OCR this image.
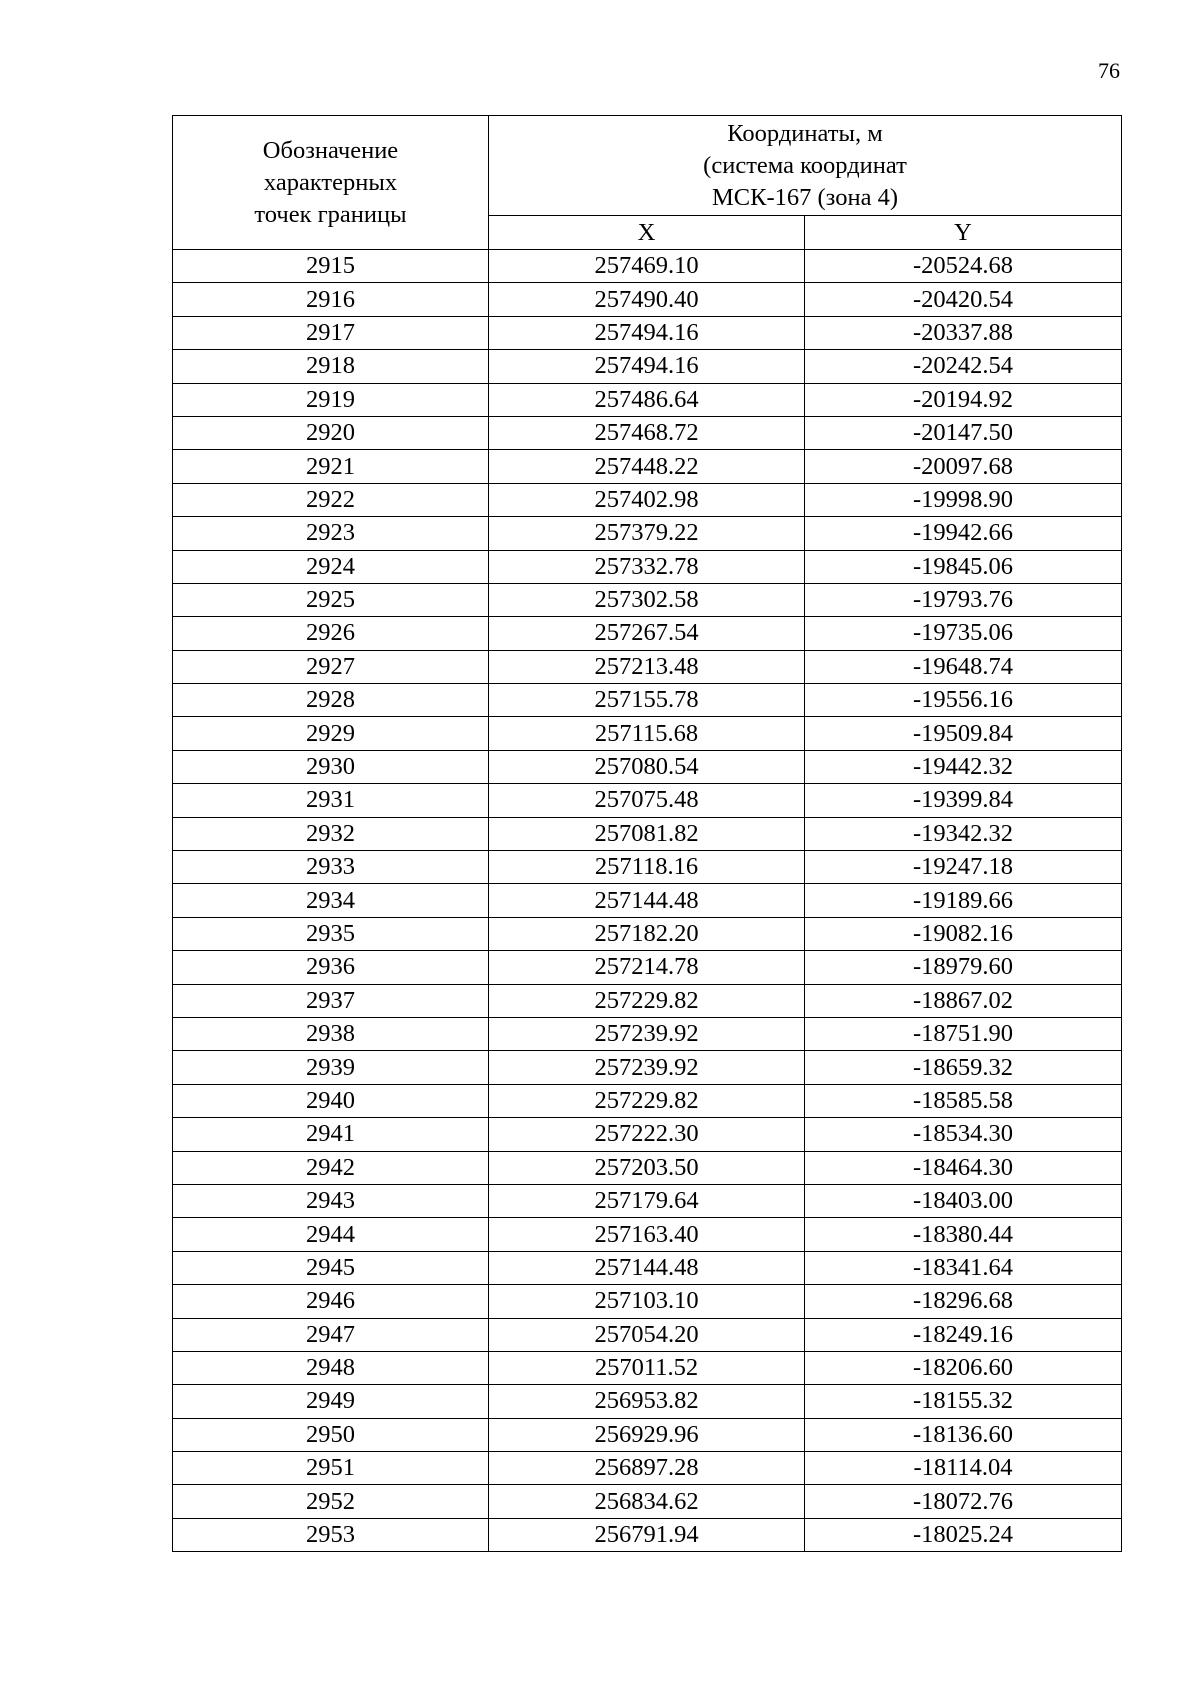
76
Обозначение
характерных
точек границы	Координаты, м
(система координат
МСК-167 (зона 4)	

	X	Y
2915	257469.10	-20524.68
2916	257490.40	-20420.54
2917	257494.16	-20337.88
2918	257494.16	-20242.54
2919	257486.64	-20194.92
2920	257468.72	-20147.50
2921	257448.22	-20097.68
2922	257402.98	-19998.90
2923	257379.22	-19942.66
2924	257332.78	-19845.06
2925	257302.58	-19793.76
2926	257267.54	-19735.06
2927	257213.48	-19648.74
2928	257155.78	-19556.16
2929	257115.68	-19509.84
2930	257080.54	-19442.32
2931	257075.48	-19399.84
2932	257081.82	-19342.32
2933	257118.16	-19247.18
2934	257144.48	-19189.66
2935	257182.20	-19082.16
2936	257214.78	-18979.60
2937	257229.82	-18867.02
2938	257239.92	-18751.90
2939	257239.92	-18659.32
2940	257229.82	-18585.58
2941	257222.30	-18534.30
2942	257203.50	-18464.30
2943	257179.64	-18403.00
2944	257163.40	-18380.44
2945	257144.48	-18341.64
2946	257103.10	-18296.68
2947	257054.20	-18249.16
2948	257011.52	-18206.60
2949	256953.82	-18155.32
2950	256929.96	-18136.60
2951	256897.28	-18114.04
2952	256834.62	-18072.76
2953	256791.94	-18025.24
